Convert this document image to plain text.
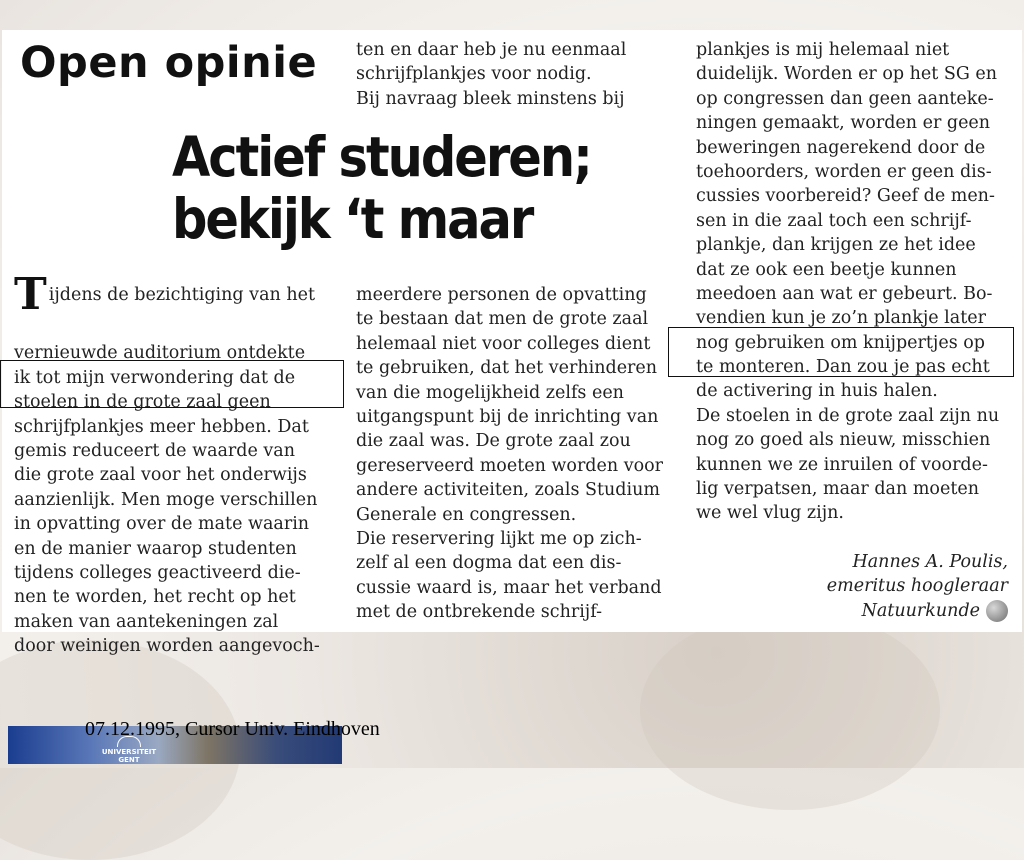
Open opinie
Actief studeren;
bekijk ‘t maar
T ijdens de bezichtiging van het
vernieuwde auditorium ontdekte
ik tot mijn verwondering dat de
stoelen in de grote zaal geen
schrijfplankjes meer hebben. Dat
gemis reduceert de waarde van
die grote zaal voor het onderwijs
aanzienlijk. Men moge verschillen
in opvatting over de mate waarin
en de manier waarop studenten
tijdens colleges geactiveerd die-
nen te worden, het recht op het
maken van aantekeningen zal
door weinigen worden aangevoch-
ten en daar heb je nu eenmaal
schrijfplankjes voor nodig.
Bij navraag bleek minstens bij
meerdere personen de opvatting
te bestaan dat men de grote zaal
helemaal niet voor colleges dient
te gebruiken, dat het verhinderen
van die mogelijkheid zelfs een
uitgangspunt bij de inrichting van
die zaal was. De grote zaal zou
gereserveerd moeten worden voor
andere activiteiten, zoals Studium
Generale en congressen.
Die reservering lijkt me op zich-
zelf al een dogma dat een dis-
cussie waard is, maar het verband
met de ontbrekende schrijf-
plankjes is mij helemaal niet
duidelijk. Worden er op het SG en
op congressen dan geen aanteke-
ningen gemaakt, worden er geen
beweringen nagerekend door de
toehoorders, worden er geen dis-
cussies voorbereid? Geef de men-
sen in die zaal toch een schrijf-
plankje, dan krijgen ze het idee
dat ze ook een beetje kunnen
meedoen aan wat er gebeurt. Bo-
vendien kun je zo’n plankje later
nog gebruiken om knijpertjes op
te monteren. Dan zou je pas echt
de activering in huis halen.
De stoelen in de grote zaal zijn nu
nog zo goed als nieuw, misschien
kunnen we ze inruilen of voorde-
lig verpatsen, maar dan moeten
we wel vlug zijn.
Hannes A. Poulis,
emeritus hoogleraar
Natuurkunde
UNIVERSITEIT
GENT
07.12.1995, Cursor Univ. Eindhoven
